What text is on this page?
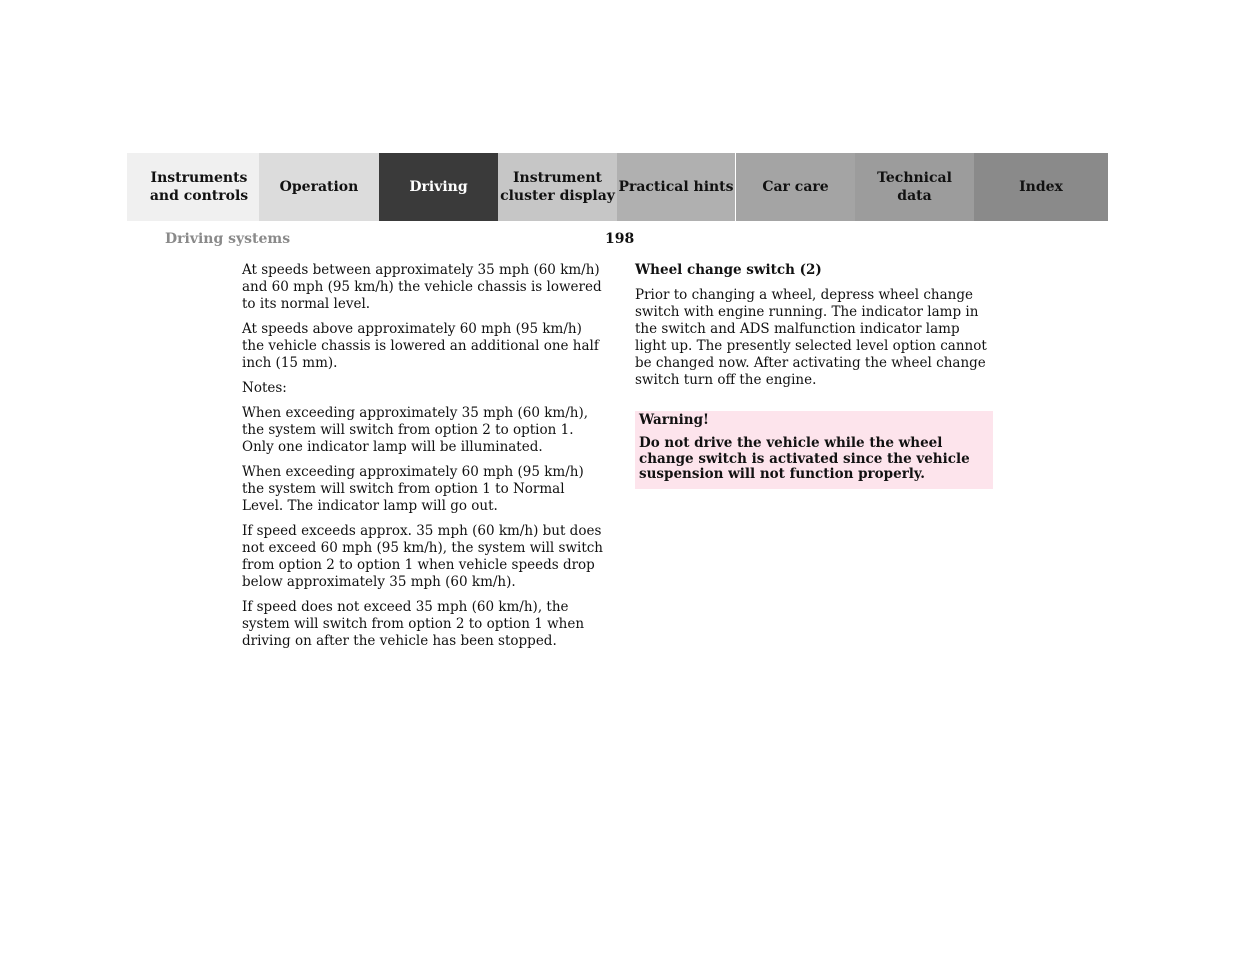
Instruments
and controls
Operation	Driving
Instrument
cluster display
Practical hints	Car care
Technical
data
Index
Driving systems	198

At speeds between approximately 35 mph (60 km/h) and 60 mph (95 km/h) the vehicle chassis is lowered to its normal level.

At speeds above approximately 60 mph (95 km/h) the vehicle chassis is lowered an additional one half inch (15 mm).

Notes:

When exceeding approximately 35 mph (60 km/h), the system will switch from option 2 to option 1. Only one indicator lamp will be illuminated.

When exceeding approximately 60 mph (95 km/h) the system will switch from option 1 to Normal Level. The indicator lamp will go out.

If speed exceeds approx. 35 mph (60 km/h) but does not exceed 60 mph (95 km/h), the system will switch from option 2 to option 1 when vehicle speeds drop below approximately 35 mph (60 km/h).

If speed does not exceed 35 mph (60 km/h), the system will switch from option 2 to option 1 when driving on after the vehicle has been stopped.

Wheel change switch (2)

Prior to changing a wheel, depress wheel change switch with engine running. The indicator lamp in the switch and ADS malfunction indicator lamp light up. The presently selected level option cannot be changed now. After activating the wheel change switch turn off the engine.

Warning!

Do not drive the vehicle while the wheel change switch is activated since the vehicle suspension will not function properly.
